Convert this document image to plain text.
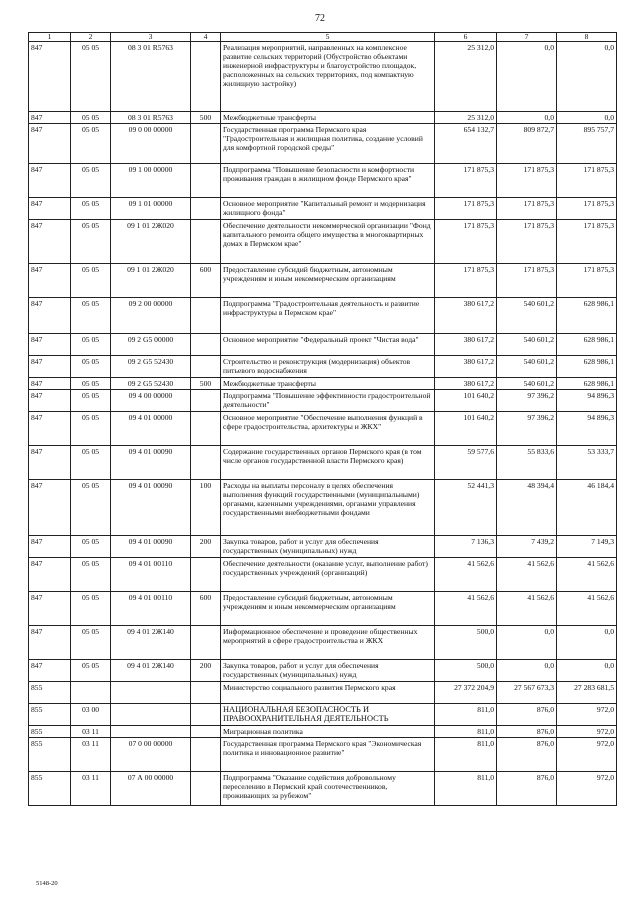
72
1	2	3	4	5	6	7	8
847	05 05	08 3 01 R5763		Реализация мероприятий, направленных на комплексное развитие сельских территорий (Обустройство объектами инженерной инфраструктуры и благоустройство площадок, расположенных на сельских территориях, под компактную жилищную застройку)	25 312,0	0,0	0,0
847	05 05	08 3 01 R5763	500	Межбюджетные трансферты	25 312,0	0,0	0,0
847	05 05	09 0 00 00000		Государственная программа Пермского края "Градостроительная и жилищная политика, создание условий для комфортной городской среды"	654 132,7	809 872,7	895 757,7
847	05 05	09 1 00 00000		Подпрограмма "Повышение безопасности и комфортности проживания граждан в жилищном фонде Пермского края"	171 875,3	171 875,3	171 875,3
847	05 05	09 1 01 00000		Основное мероприятие "Капитальный ремонт и модернизация жилищного фонда"	171 875,3	171 875,3	171 875,3
847	05 05	09 1 01 2Ж020		Обеспечение деятельности некоммерческой организации "Фонд капитального ремонта общего имущества в многоквартирных домах в Пермском крае"	171 875,3	171 875,3	171 875,3
847	05 05	09 1 01 2Ж020	600	Предоставление субсидий бюджетным, автономным учреждениям и иным некоммерческим организациям	171 875,3	171 875,3	171 875,3
847	05 05	09 2 00 00000		Подпрограмма "Градостроительная деятельность и развитие инфраструктуры в Пермском крае"	380 617,2	540 601,2	628 986,1
847	05 05	09 2 G5 00000		Основное мероприятие "Федеральный проект "Чистая вода"	380 617,2	540 601,2	628 986,1
847	05 05	09 2 G5 52430		Строительство и реконструкция (модернизация) объектов питьевого водоснабжения	380 617,2	540 601,2	628 986,1
847	05 05	09 2 G5 52430	500	Межбюджетные трансферты	380 617,2	540 601,2	628 986,1
847	05 05	09 4 00 00000		Подпрограмма "Повышение эффективности градостроительной деятельности"	101 640,2	97 396,2	94 896,3
847	05 05	09 4 01 00000		Основное мероприятие "Обеспечение выполнения функций в сфере градостроительства, архитектуры и ЖКХ"	101 640,2	97 396,2	94 896,3
847	05 05	09 4 01 00090		Содержание государственных органов Пермского края (в том числе органов государственной власти Пермского края)	59 577,6	55 833,6	53 333,7
847	05 05	09 4 01 00090	100	Расходы на выплаты персоналу в целях обеспечения выполнения функций государственными (муниципальными) органами, казенными учреждениями, органами управления государственными внебюджетными фондами	52 441,3	48 394,4	46 184,4
847	05 05	09 4 01 00090	200	Закупка товаров, работ и услуг для обеспечения государственных (муниципальных) нужд	7 136,3	7 439,2	7 149,3
847	05 05	09 4 01 00110		Обеспечение деятельности (оказание услуг, выполнение работ) государственных учреждений (организаций)	41 562,6	41 562,6	41 562,6
847	05 05	09 4 01 00110	600	Предоставление субсидий бюджетным, автономным учреждениям и иным некоммерческим организациям	41 562,6	41 562,6	41 562,6
847	05 05	09 4 01 2Ж140		Информационное обеспечение и проведение общественных мероприятий в сфере градостроительства и ЖКХ	500,0	0,0	0,0
847	05 05	09 4 01 2Ж140	200	Закупка товаров, работ и услуг для обеспечения государственных (муниципальных) нужд	500,0	0,0	0,0
855				Министерство социального развития Пермского края	27 372 204,9	27 567 673,3	27 283 681,5
855	03 00			НАЦИОНАЛЬНАЯ БЕЗОПАСНОСТЬ И ПРАВООХРАНИТЕЛЬНАЯ ДЕЯТЕЛЬНОСТЬ	811,0	876,0	972,0
855	03 11			Миграционная политика	811,0	876,0	972,0
855	03 11	07 0 00 00000		Государственная программа Пермского края "Экономическая политика и инновационное развитие"	811,0	876,0	972,0
855	03 11	07 А 00 00000		Подпрограмма "Оказание содействия добровольному переселению в Пермский край соотечественников, проживающих за рубежом"	811,0	876,0	972,0
5148-20
